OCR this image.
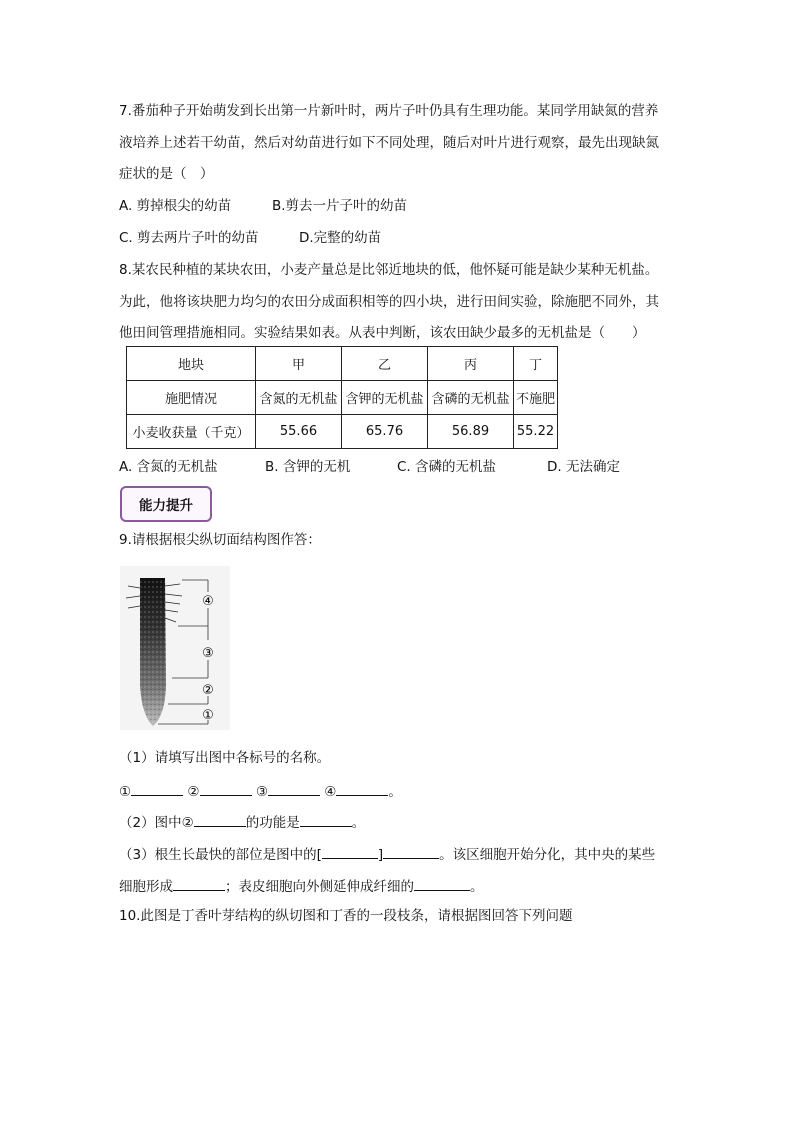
7.番茄种子开始萌发到长出第一片新叶时，两片子叶仍具有生理功能。某同学用缺氮的营养
液培养上述若干幼苗，然后对幼苗进行如下不同处理，随后对叶片进行观察，最先出现缺氮
症状的是（　）
A. 剪掉根尖的幼苗	B.剪去一片子叶的幼苗
C. 剪去两片子叶的幼苗	D.完整的幼苗
8.某农民种植的某块农田，小麦产量总是比邻近地块的低，他怀疑可能是缺少某种无机盐。
为此，他将该块肥力均匀的农田分成面积相等的四小块，进行田间实验，除施肥不同外，其
他田间管理措施相同。实验结果如表。从表中判断，该农田缺少最多的无机盐是（　　）
地块	甲	乙	丙	丁
施肥情况	含氮的无机盐	含钾的无机盐	含磷的无机盐	不施肥
小麦收获量（千克）	55.66	65.76	56.89	55.22
A. 含氮的无机盐	B. 含钾的无机	C. 含磷的无机盐	D. 无法确定
能力提升
9.请根据根尖纵切面结构图作答：
④
③
②
①
（1）请填写出图中各标号的名称。
①	②	③	④	。
（2）图中②	的功能是	。
（3）根生长最快的部位是图中的[	]	。该区细胞开始分化，其中央的某些
细胞形成	；表皮细胞向外侧延伸成纤细的	。
10.此图是丁香叶芽结构的纵切图和丁香的一段枝条，请根据图回答下列问题
